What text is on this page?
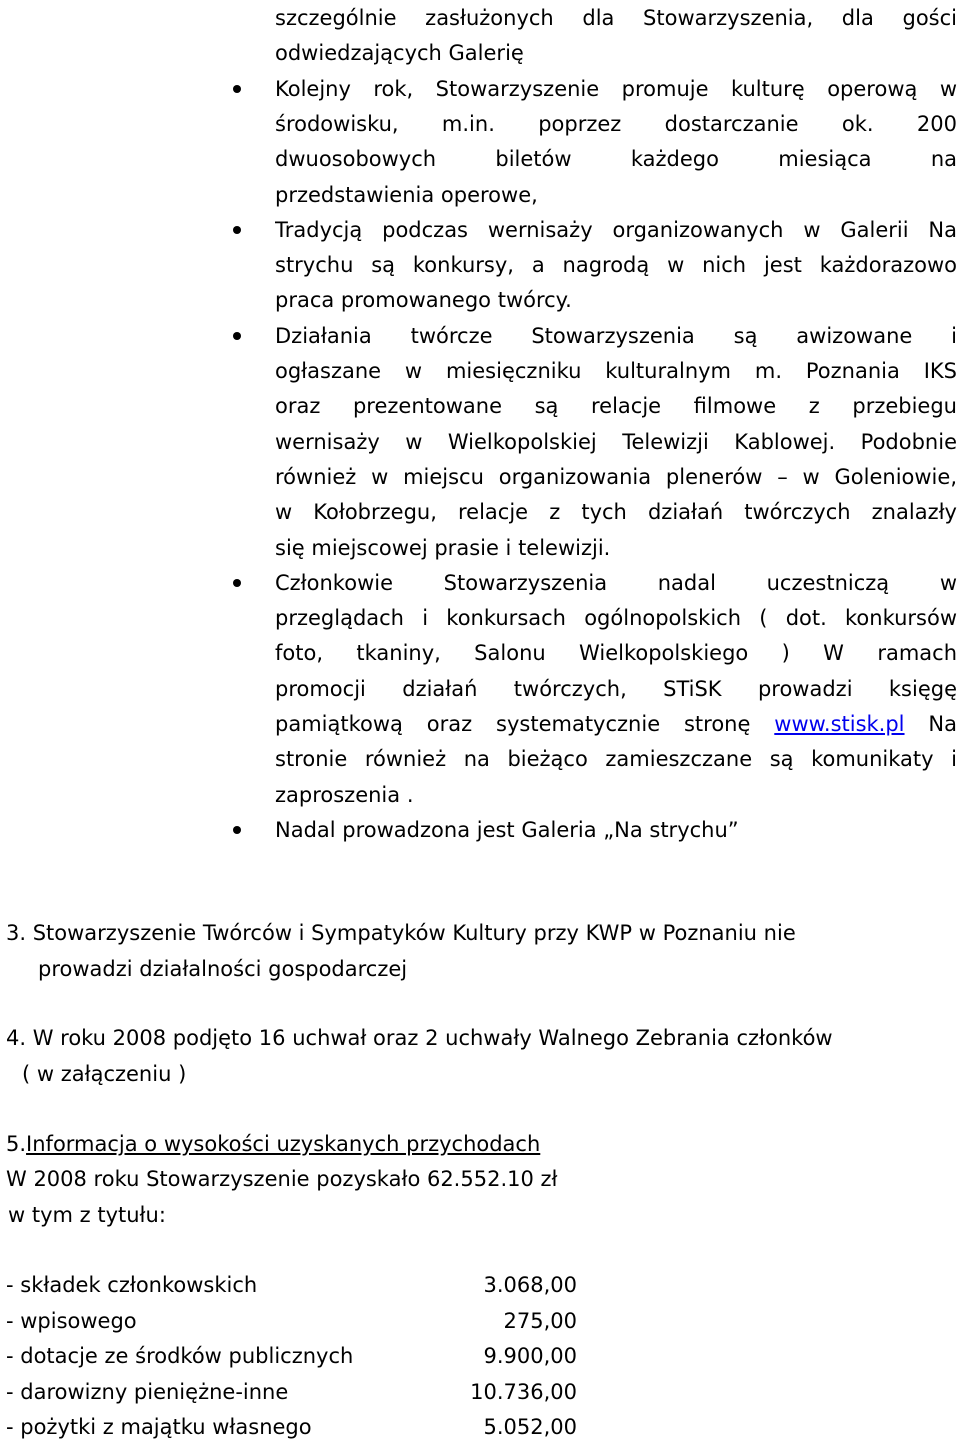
szczególnie zasłużonych dla Stowarzyszenia, dla gości
odwiedzających Galerię
Kolejny rok, Stowarzyszenie promuje kulturę operową w
środowisku, m.in. poprzez dostarczanie ok. 200
dwuosobowych biletów każdego miesiąca na
przedstawienia operowe,
Tradycją podczas wernisaży organizowanych w Galerii Na
strychu są konkursy, a nagrodą w nich jest każdorazowo
praca promowanego twórcy.
Działania twórcze Stowarzyszenia są awizowane i
ogłaszane w miesięczniku kulturalnym m. Poznania IKS
oraz prezentowane są relacje filmowe z przebiegu
wernisaży w Wielkopolskiej Telewizji Kablowej. Podobnie
również w miejscu organizowania plenerów – w Goleniowie,
w Kołobrzegu, relacje z tych działań twórczych znalazły
się miejscowej prasie i telewizji.
Członkowie Stowarzyszenia nadal uczestniczą w
przeglądach i konkursach ogólnopolskich ( dot. konkursów
foto, tkaniny, Salonu Wielkopolskiego ) W ramach
promocji działań twórczych, STiSK prowadzi księgę
pamiątkową oraz systematycznie stronę www.stisk.pl Na
stronie również na bieżąco zamieszczane są komunikaty i
zaproszenia .
Nadal prowadzona jest Galeria „Na strychu”
3. Stowarzyszenie Twórców i Sympatyków Kultury przy KWP w Poznaniu nie
prowadzi działalności gospodarczej
4. W roku 2008 podjęto 16 uchwał oraz 2 uchwały Walnego Zebrania członków
( w załączeniu )
5.Informacja o wysokości uzyskanych przychodach
W 2008 roku Stowarzyszenie pozyskało 62.552.10 zł
w tym z tytułu:
- składek członkowskich	3.068,00
- wpisowego	275,00
- dotacje ze środków publicznych	9.900,00
- darowizny pieniężne-inne	10.736,00
- pożytki z majątku własnego	5.052,00
